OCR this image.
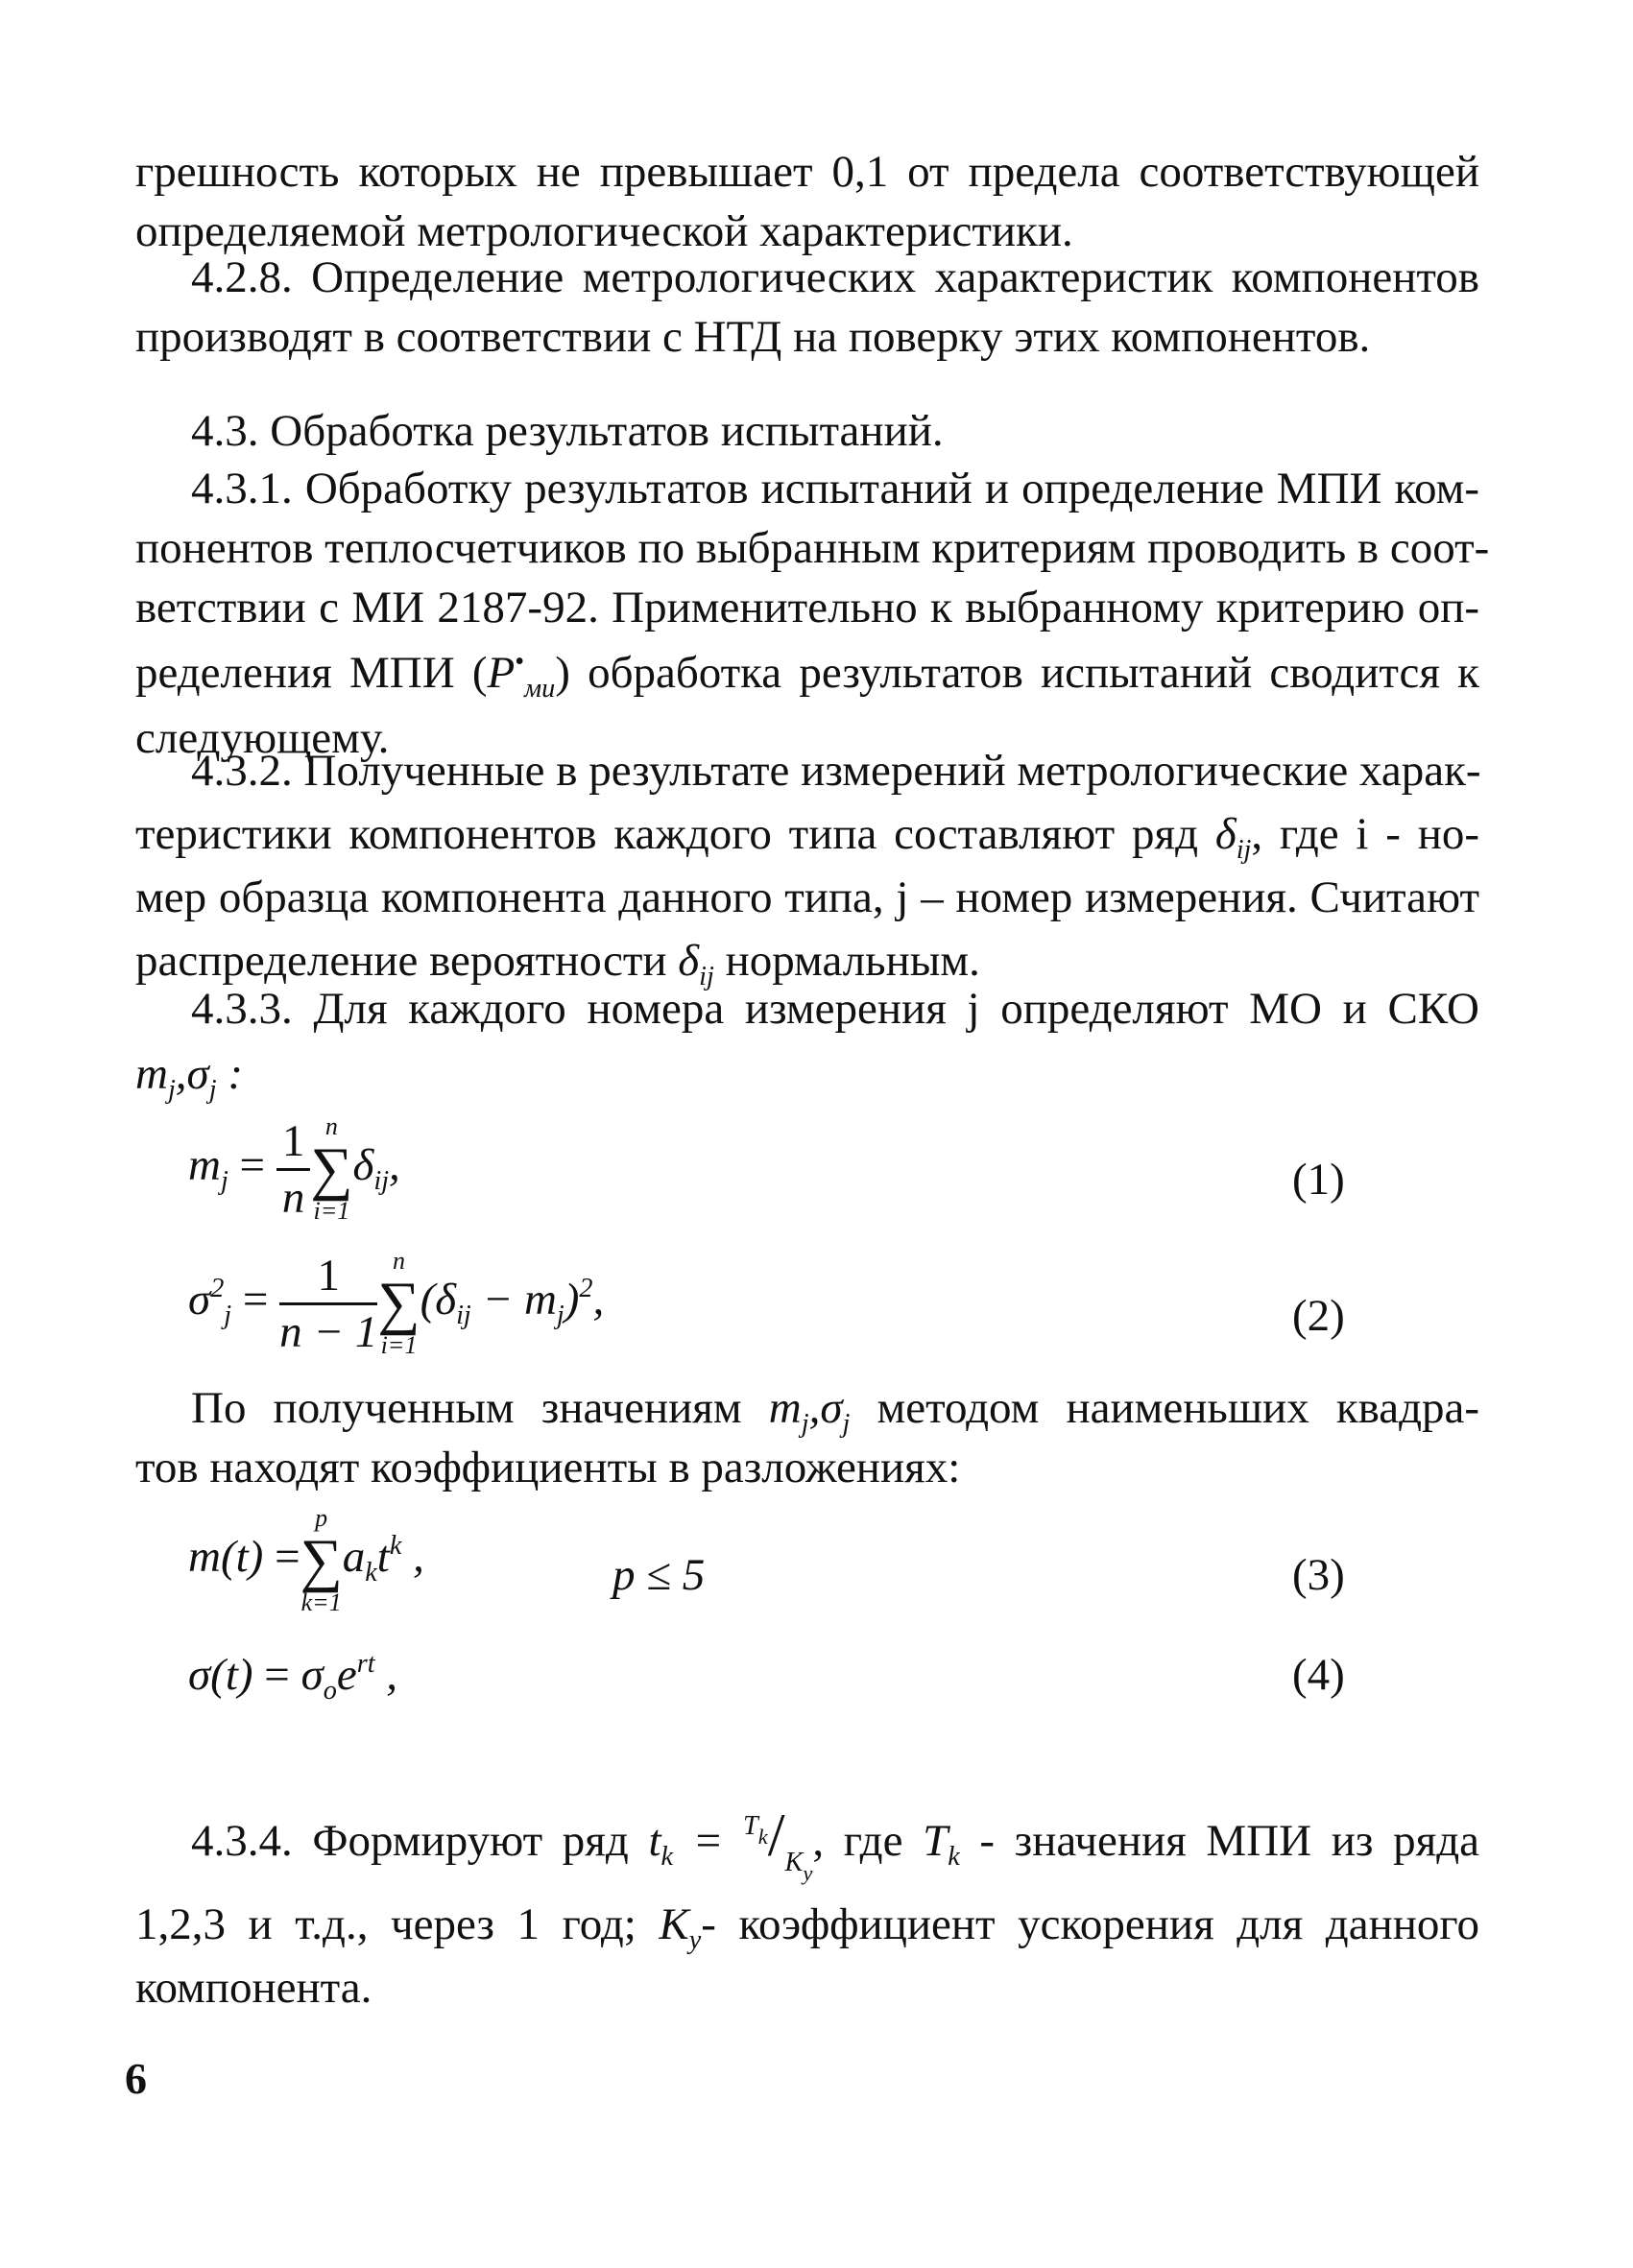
грешность которых не превышает 0,1 от предела соответствующей
определяемой метрологической характеристики.

4.2.8. Определение метрологических характеристик компонентов
производят в соответствии с НТД на поверку этих компонентов.

4.3. Обработка результатов испытаний.

4.3.1. Обработку результатов испытаний и определение МПИ ком-
понентов теплосчетчиков по выбранным критериям проводить в соот-
ветствии с МИ 2187-92. Применительно к выбранному критерию оп-
ределения МПИ $(P^•_{ми})$ обработка результатов испытаний сводится к
следующему.

4.3.2. Полученные в результате измерений метрологические харак-
теристики компонентов каждого типа составляют ряд $\delta_{ij}$, где i - но-
мер образца компонента данного типа, j – номер измерения. Считают
распределение вероятности $\delta_{ij}$ нормальным.

4.3.3. Для каждого номера измерения j определяют МО и СКО
$m_j,\sigma_j$ :

$m_j = \frac{1}{n}$ n
∑
i=1
$\delta_{ij}$,	(1)
$\sigma^2_j = \frac{1}{n - 1}$ n
∑
i=1
$(\delta_{ij} - m_j)^2$,	(2)

По полученным значениям $m_j,\sigma_j$ методом наименьших квадра-
тов находят коэффициенты в разложениях:

m(t) =
p
∑
k=1
$a_kt^k$ ,	p ≤ 5	(3)
$\sigma(t) = \sigma_oe^{rt}$ ,	(4)

4.3.4. Формируют ряд $t_k = ^{T_k}/_{K_y}$, где $T_k$ - значения МПИ из ряда
1,2,3 и т.д., через 1 год; $K_y-$ коэффициент ускорения для данного
компонента.

6
